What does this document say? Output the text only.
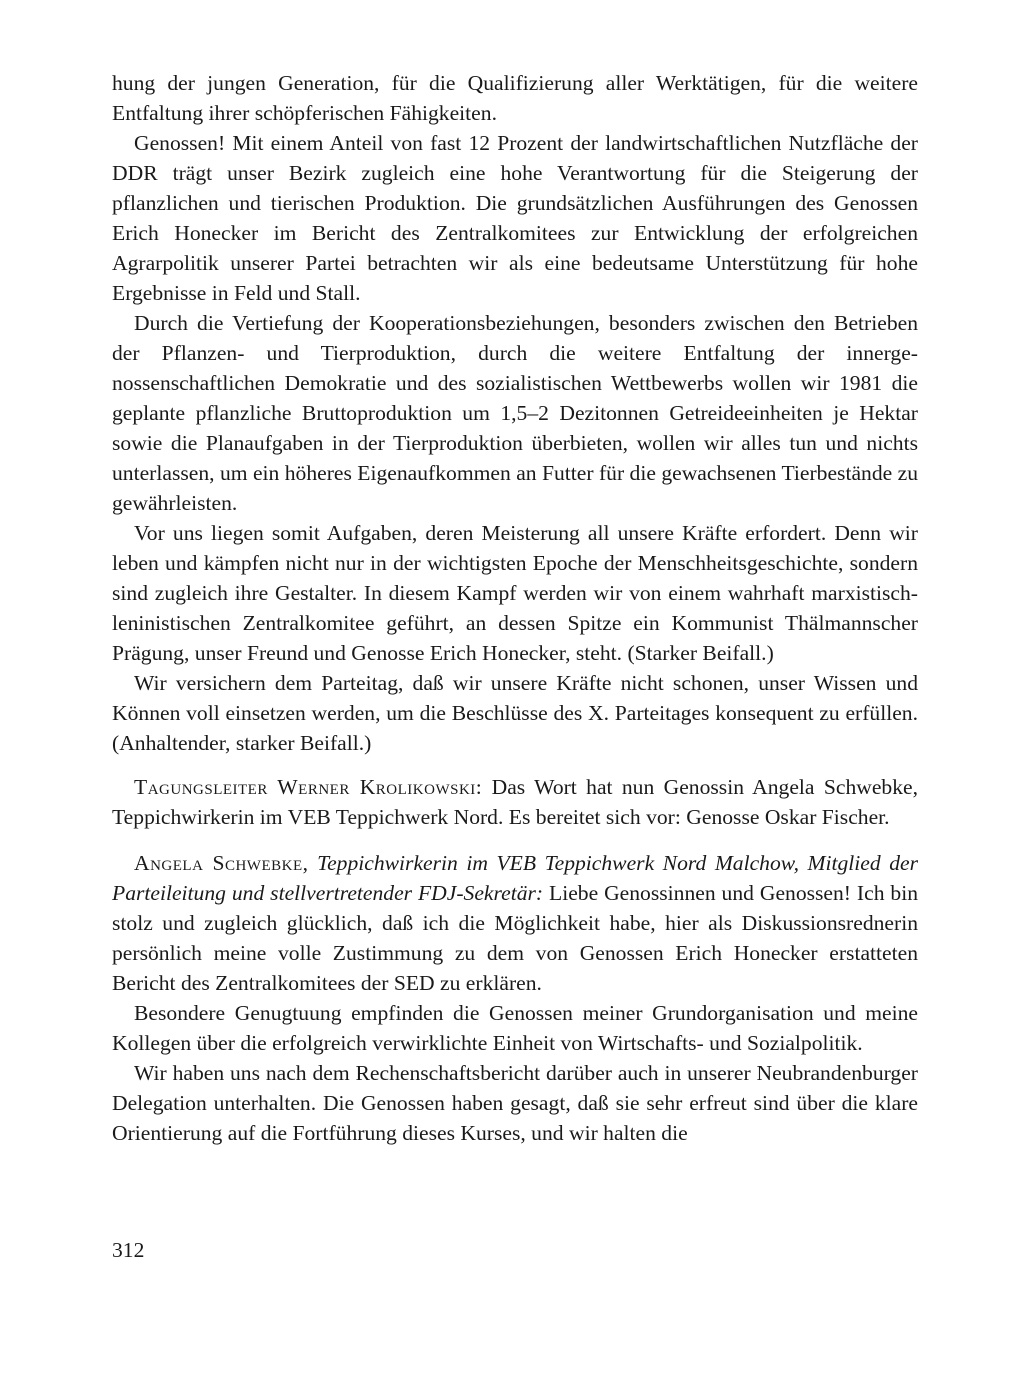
hung der jungen Generation, für die Qualifizierung aller Werktätigen, für die weitere Entfaltung ihrer schöpferischen Fähigkeiten.

Genossen! Mit einem Anteil von fast 12 Prozent der landwirtschaftlichen Nutzfläche der DDR trägt unser Bezirk zugleich eine hohe Verantwortung für die Steigerung der pflanzlichen und tierischen Produktion. Die grundsätzlichen Ausführungen des Genossen Erich Honecker im Bericht des Zentralkomitees zur Entwicklung der erfolgreichen Agrarpolitik unserer Partei betrachten wir als eine bedeutsame Unterstützung für hohe Ergebnisse in Feld und Stall.

Durch die Vertiefung der Kooperationsbeziehungen, besonders zwischen den Betrieben der Pflanzen- und Tierproduktion, durch die weitere Entfaltung der innergenossenschaftlichen Demokratie und des sozialistischen Wettbewerbs wollen wir 1981 die geplante pflanzliche Bruttoproduktion um 1,5–2 Dezitonnen Getreideeinheiten je Hektar sowie die Planaufgaben in der Tierproduktion überbieten, wollen wir alles tun und nichts unterlassen, um ein höheres Eigenaufkommen an Futter für die gewachsenen Tierbestände zu gewährleisten.

Vor uns liegen somit Aufgaben, deren Meisterung all unsere Kräfte erfordert. Denn wir leben und kämpfen nicht nur in der wichtigsten Epoche der Menschheitsgeschichte, sondern sind zugleich ihre Gestalter. In diesem Kampf werden wir von einem wahrhaft marxistisch-leninistischen Zentralkomitee geführt, an dessen Spitze ein Kommunist Thälmannscher Prägung, unser Freund und Genosse Erich Honecker, steht. (Starker Beifall.)

Wir versichern dem Parteitag, daß wir unsere Kräfte nicht schonen, unser Wissen und Können voll einsetzen werden, um die Beschlüsse des X. Parteitages konsequent zu erfüllen. (Anhaltender, starker Beifall.)

Tagungsleiter Werner Krolikowski: Das Wort hat nun Genossin Angela Schwebke, Teppichwirkerin im VEB Teppichwerk Nord. Es bereitet sich vor: Genosse Oskar Fischer.

Angela Schwebke, Teppichwirkerin im VEB Teppichwerk Nord Malchow, Mitglied der Parteileitung und stellvertretender FDJ-Sekretär: Liebe Genossinnen und Genossen! Ich bin stolz und zugleich glücklich, daß ich die Möglichkeit habe, hier als Diskussionsrednerin persönlich meine volle Zustimmung zu dem von Genossen Erich Honecker erstatteten Bericht des Zentralkomitees der SED zu erklären.

Besondere Genugtuung empfinden die Genossen meiner Grundorganisation und meine Kollegen über die erfolgreich verwirklichte Einheit von Wirtschafts- und Sozialpolitik.

Wir haben uns nach dem Rechenschaftsbericht darüber auch in unserer Neubrandenburger Delegation unterhalten. Die Genossen haben gesagt, daß sie sehr erfreut sind über die klare Orientierung auf die Fortführung dieses Kurses, und wir halten die

312
